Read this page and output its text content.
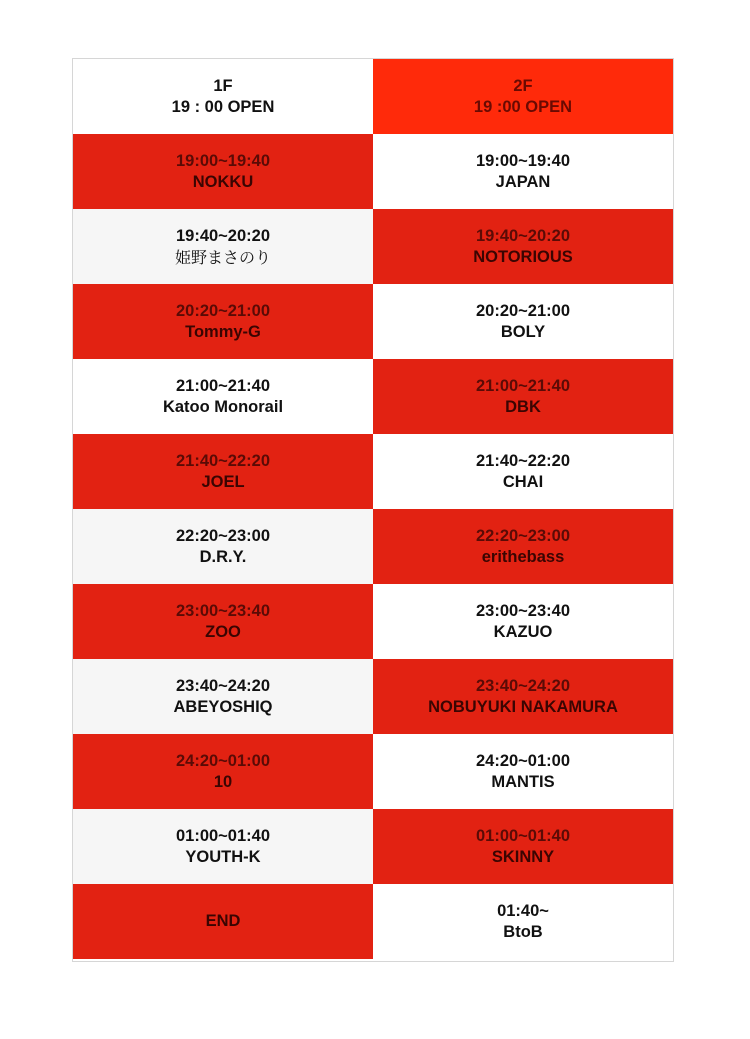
1F
19 : 00 OPEN
2F
19 :00 OPEN
19:00~19:40
NOKKU
19:00~19:40
JAPAN
19:40~20:20
姫野まさのり
19:40~20:20
NOTORIOUS
20:20~21:00
Tommy-G
20:20~21:00
BOLY
21:00~21:40
Katoo Monorail
21:00~21:40
DBK
21:40~22:20
JOEL
21:40~22:20
CHAI
22:20~23:00
D.R.Y.
22:20~23:00
erithebass
23:00~23:40
ZOO
23:00~23:40
KAZUO
23:40~24:20
ABEYOSHIQ
23:40~24:20
NOBUYUKI NAKAMURA
24:20~01:00
10
24:20~01:00
MANTIS
01:00~01:40
YOUTH-K
01:00~01:40
SKINNY
END
01:40~
BtoB
